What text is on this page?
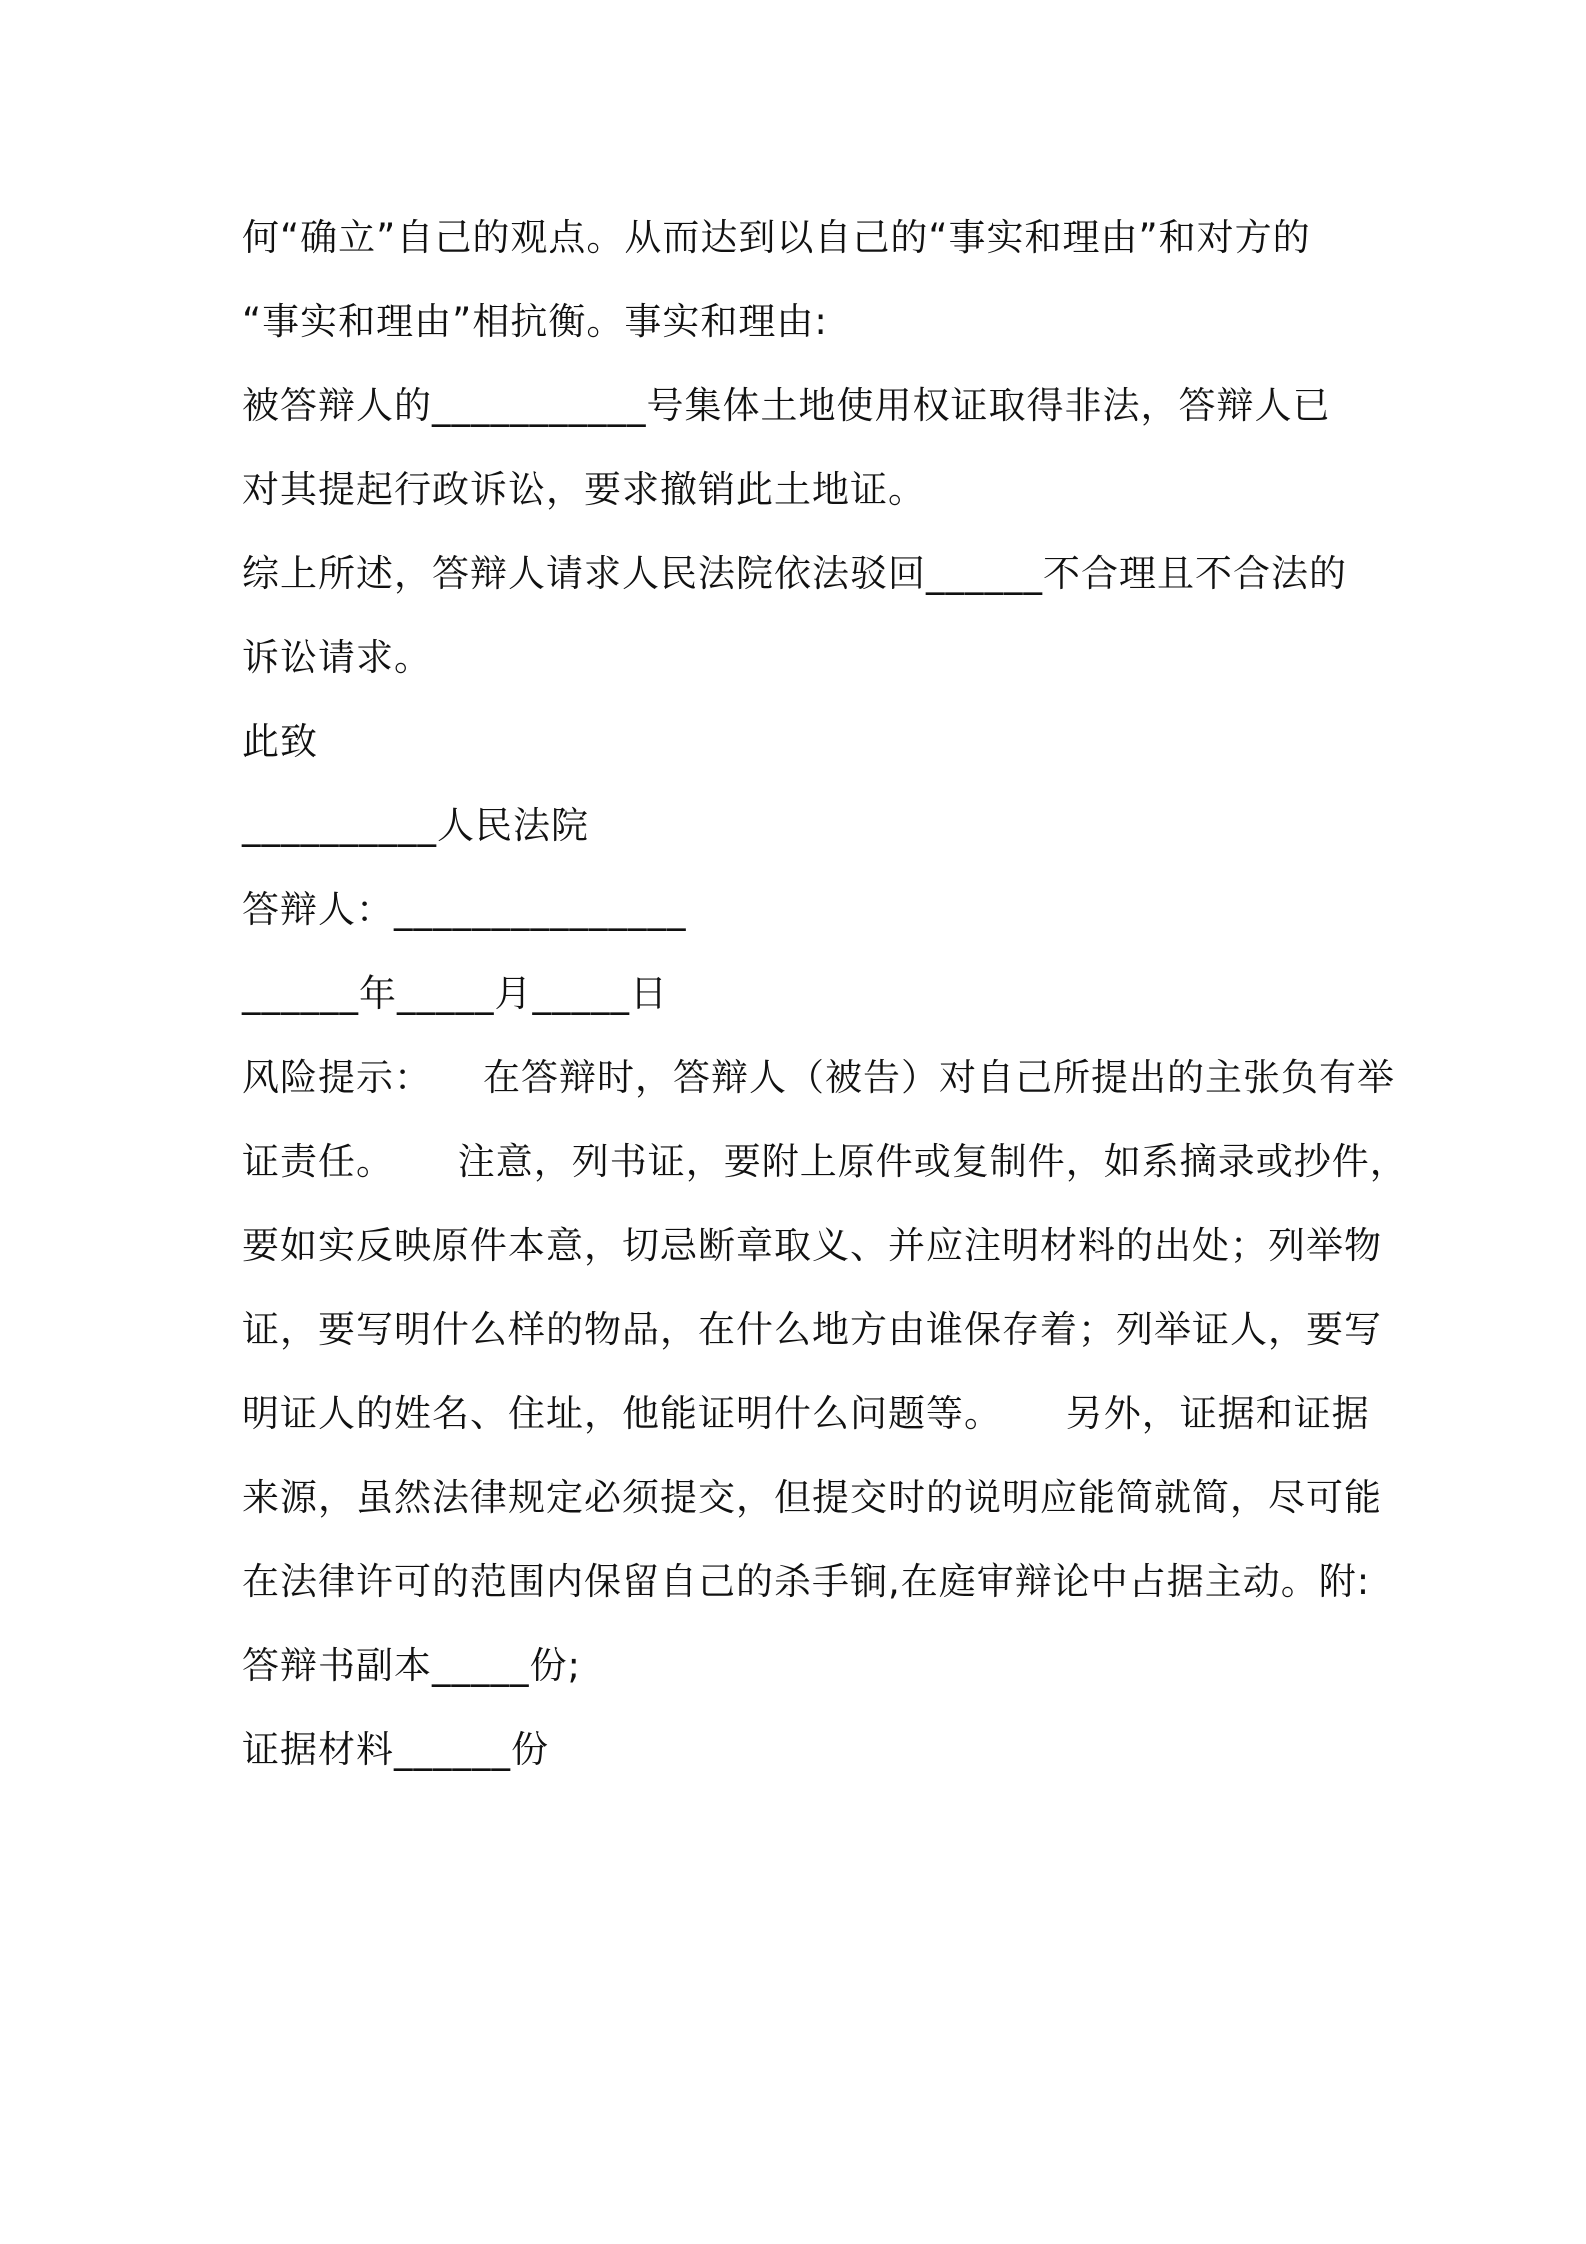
何“确立”自己的观点。从而达到以自己的“事实和理由”和对方的
“事实和理由”相抗衡。事实和理由:
被答辩人的___________号集体土地使用权证取得非法，答辩人已
对其提起行政诉讼，要求撤销此土地证。
综上所述，答辩人请求人民法院依法驳回______不合理且不合法的
诉讼请求。
此致
__________人民法院
答辩人：_______________
______年_____月_____日
风险提示：    在答辩时，答辩人（被告）对自己所提出的主张负有举
证责任。     注意，列书证，要附上原件或复制件，如系摘录或抄件，
要如实反映原件本意，切忌断章取义、并应注明材料的出处；列举物
证，要写明什么样的物品，在什么地方由谁保存着；列举证人，要写
明证人的姓名、住址，他能证明什么问题等。     另外，证据和证据
来源，虽然法律规定必须提交，但提交时的说明应能简就简，尽可能
在法律许可的范围内保留自己的杀手锏,在庭审辩论中占据主动。附:
答辩书副本_____份;
证据材料______份
